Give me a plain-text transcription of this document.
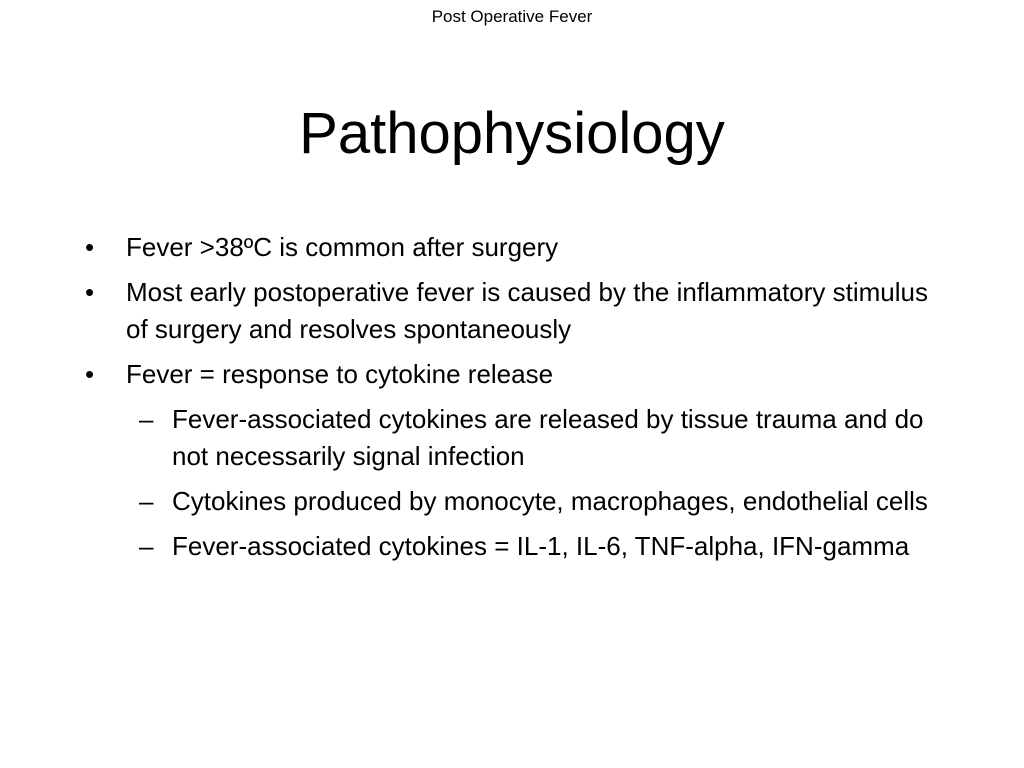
Post Operative Fever
Pathophysiology
• Fever >38ºC is common after surgery
• Most early postoperative fever is caused by the inflammatory stimulus of surgery and resolves spontaneously
• Fever = response to cytokine release
– Fever-associated cytokines are released by tissue trauma and do not necessarily signal infection
– Cytokines produced by monocyte, macrophages, endothelial cells
– Fever-associated cytokines = IL-1, IL-6, TNF-alpha, IFN-gamma
